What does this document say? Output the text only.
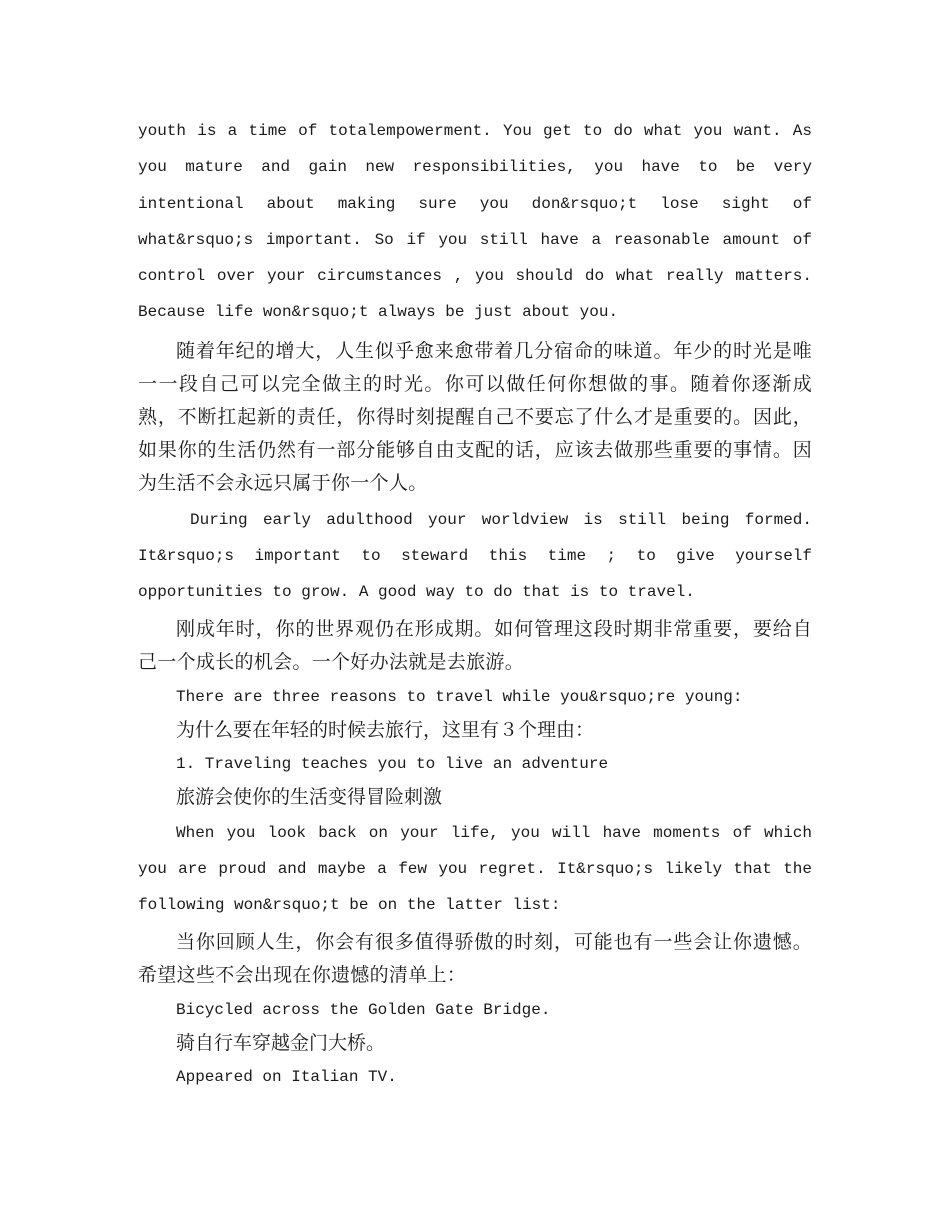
youth is a time of totalempowerment. You get to do what you want. As you mature and gain new responsibilities, you have to be very intentional about making sure you don&rsquo;t lose sight of what&rsquo;s important. So if you still have a reasonable amount of control over your circumstances , you should do what really matters. Because life won&rsquo;t always be just about you.

随着年纪的增大，人生似乎愈来愈带着几分宿命的味道。年少的时光是唯一一段自己可以完全做主的时光。你可以做任何你想做的事。随着你逐渐成熟，不断扛起新的责任，你得时刻提醒自己不要忘了什么才是重要的。因此，如果你的生活仍然有一部分能够自由支配的话，应该去做那些重要的事情。因为生活不会永远只属于你一个人。

During early adulthood your worldview is still being formed. It&rsquo;s important to steward this time ; to give yourself opportunities to grow. A good way to do that is to travel.

刚成年时，你的世界观仍在形成期。如何管理这段时期非常重要，要给自己一个成长的机会。一个好办法就是去旅游。

There are three reasons to travel while you&rsquo;re young:

为什么要在年轻的时候去旅行，这里有３个理由：

1. Traveling teaches you to live an adventure

旅游会使你的生活变得冒险刺激

When you look back on your life, you will have moments of which you are proud and maybe a few you regret. It&rsquo;s likely that the following won&rsquo;t be on the latter list:

当你回顾人生，你会有很多值得骄傲的时刻，可能也有一些会让你遗憾。希望这些不会出现在你遗憾的清单上：

Bicycled across the Golden Gate Bridge.

骑自行车穿越金门大桥。

Appeared on Italian TV.
